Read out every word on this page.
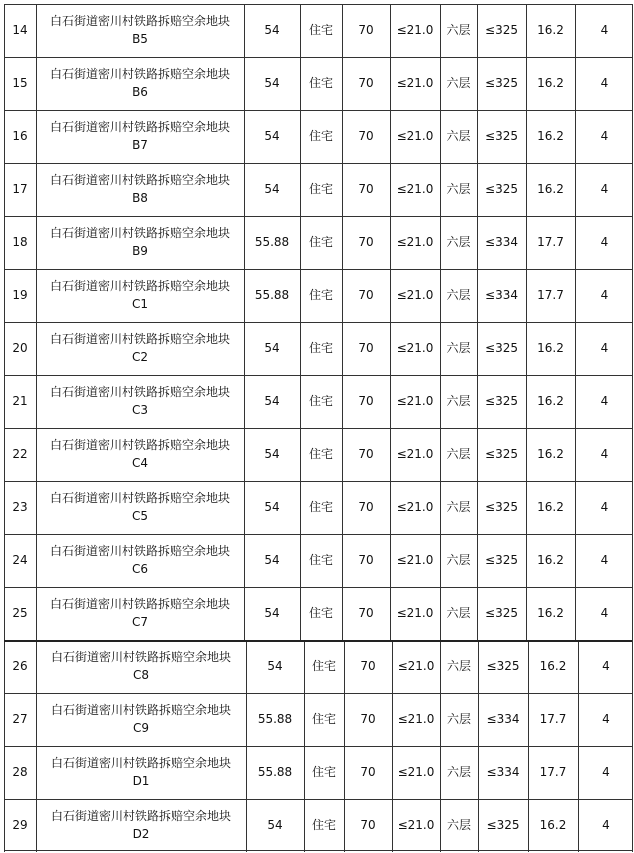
14
白石街道密川村铁路拆赔空余地块
B5
54 住宅 70 ≤21.0 六层 ≤325 16.2	4
15
白石街道密川村铁路拆赔空余地块
B6
54 住宅 70 ≤21.0 六层 ≤325 16.2	4
16
白石街道密川村铁路拆赔空余地块
B7
54 住宅 70 ≤21.0 六层 ≤325 16.2	4
17
白石街道密川村铁路拆赔空余地块
B8
54 住宅 70 ≤21.0 六层 ≤325 16.2	4
18
白石街道密川村铁路拆赔空余地块
B9
55.88 住宅 70 ≤21.0 六层 ≤334 17.7	4
19
白石街道密川村铁路拆赔空余地块
C1
55.88 住宅 70 ≤21.0 六层 ≤334 17.7	4
20
白石街道密川村铁路拆赔空余地块
C2
54 住宅 70 ≤21.0 六层 ≤325 16.2	4
21
白石街道密川村铁路拆赔空余地块
C3
54 住宅 70 ≤21.0 六层 ≤325 16.2	4
22
白石街道密川村铁路拆赔空余地块
C4
54 住宅 70 ≤21.0 六层 ≤325 16.2	4
23
白石街道密川村铁路拆赔空余地块
C5
54 住宅 70 ≤21.0 六层 ≤325 16.2	4
24
白石街道密川村铁路拆赔空余地块
C6
54 住宅 70 ≤21.0 六层 ≤325 16.2	4
25
白石街道密川村铁路拆赔空余地块
C7
54 住宅 70 ≤21.0 六层 ≤325 16.2	4
26
白石街道密川村铁路拆赔空余地块
C8
54 住宅 70 ≤21.0 六层 ≤325 16.2	4
27
白石街道密川村铁路拆赔空余地块
C9
55.88 住宅 70 ≤21.0 六层 ≤334 17.7	4
28
白石街道密川村铁路拆赔空余地块
D1
55.88 住宅 70 ≤21.0 六层 ≤334 17.7	4
29
白石街道密川村铁路拆赔空余地块
D2
54 住宅 70 ≤21.0 六层 ≤325 16.2	4
